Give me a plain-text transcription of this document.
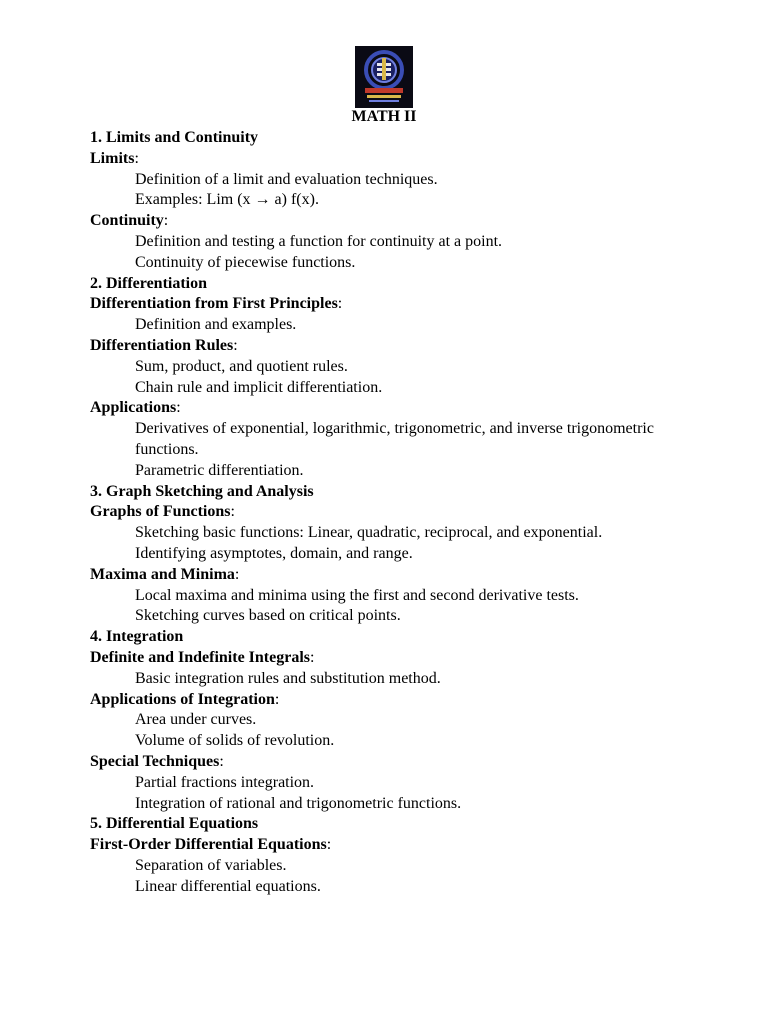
MATH II
1. Limits and Continuity
Limits:
Definition of a limit and evaluation techniques.
Examples: Lim (x → a) f(x).
Continuity:
Definition and testing a function for continuity at a point.
Continuity of piecewise functions.
2. Differentiation
Differentiation from First Principles:
Definition and examples.
Differentiation Rules:
Sum, product, and quotient rules.
Chain rule and implicit differentiation.
Applications:
Derivatives of exponential, logarithmic, trigonometric, and inverse trigonometric functions.
Parametric differentiation.
3. Graph Sketching and Analysis
Graphs of Functions:
Sketching basic functions: Linear, quadratic, reciprocal, and exponential.
Identifying asymptotes, domain, and range.
Maxima and Minima:
Local maxima and minima using the first and second derivative tests.
Sketching curves based on critical points.
4. Integration
Definite and Indefinite Integrals:
Basic integration rules and substitution method.
Applications of Integration:
Area under curves.
Volume of solids of revolution.
Special Techniques:
Partial fractions integration.
Integration of rational and trigonometric functions.
5. Differential Equations
First-Order Differential Equations:
Separation of variables.
Linear differential equations.
